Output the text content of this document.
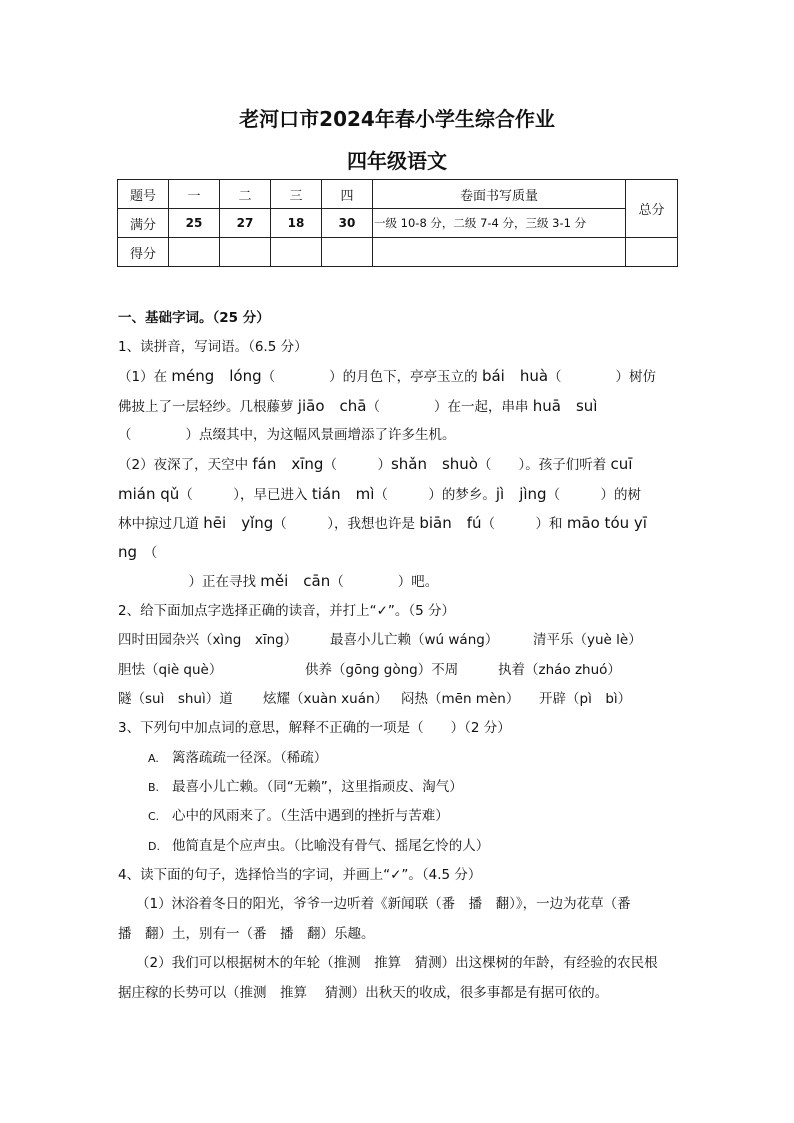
老河口市2024年春小学生综合作业
四年级语文
题号	一	二	三	四	卷面书写质量	总分
满分	25	27	18	30	一级 10-8 分，二级 7-4 分，三级 3-1 分	
得分						
一、基础字词。（25 分）
1、读拼音，写词语。（6.5 分）
（1）在 méng　lóng（　　　　）的月色下，亭亭玉立的 bái　huà（　　　　）树仿
佛披上了一层轻纱。几根藤萝 jiāo　chā（　　　　）在一起，串串 huā　suì
（　　　　）点缀其中，为这幅风景画增添了许多生机。
（2）夜深了，天空中 fán　xīng（　　　）shǎn　shuò（　　）。孩子们听着 cuī
mián qǔ（　　　），早已进入 tián　mì（　　　）的梦乡。jì　jìng（　　　）的树
林中掠过几道 hēi　yǐng（　　　），我想也许是 biān　fú（　　　）和 māo tóu yī
ng　 （
　　　）正在寻找 měi　cān（　　　　）吧。
2、给下面加点字选择正确的读音，并打上“✓”。（5 分）
四时田园杂兴（xìng　xīng） 最喜小儿亡赖（wú wáng）	清平乐（yuè lè）
胆怯（qiè què）	供养（gōng gòng）不周	执着（zháo zhuó）
隧（suì　shuì）道 炫耀（xuàn xuán） 闷热（mēn mèn） 开辟（pì　bì）
3、下列句中加点词的意思，解释不正确的一项是（　　）（2 分）
A. 篱落疏疏一径深。（稀疏）
B. 最喜小儿亡赖。（同“无赖”，这里指顽皮、淘气）
C. 心中的风雨来了。（生活中遇到的挫折与苦难）
D. 他简直是个应声虫。（比喻没有骨气、摇尾乞怜的人）
4、读下面的句子，选择恰当的字词，并画上“✓”。（4.5 分）
（1）沐浴着冬日的阳光，爷爷一边听着《新闻联（番　播　翻）》，一边为花草（番
播　翻）土，别有一（番　播　翻）乐趣。
（2）我们可以根据树木的年轮（推测　推算　猜测）出这棵树的年龄，有经验的农民根
据庄稼的长势可以（推测　推算　 猜测）出秋天的收成，很多事都是有据可依的。
